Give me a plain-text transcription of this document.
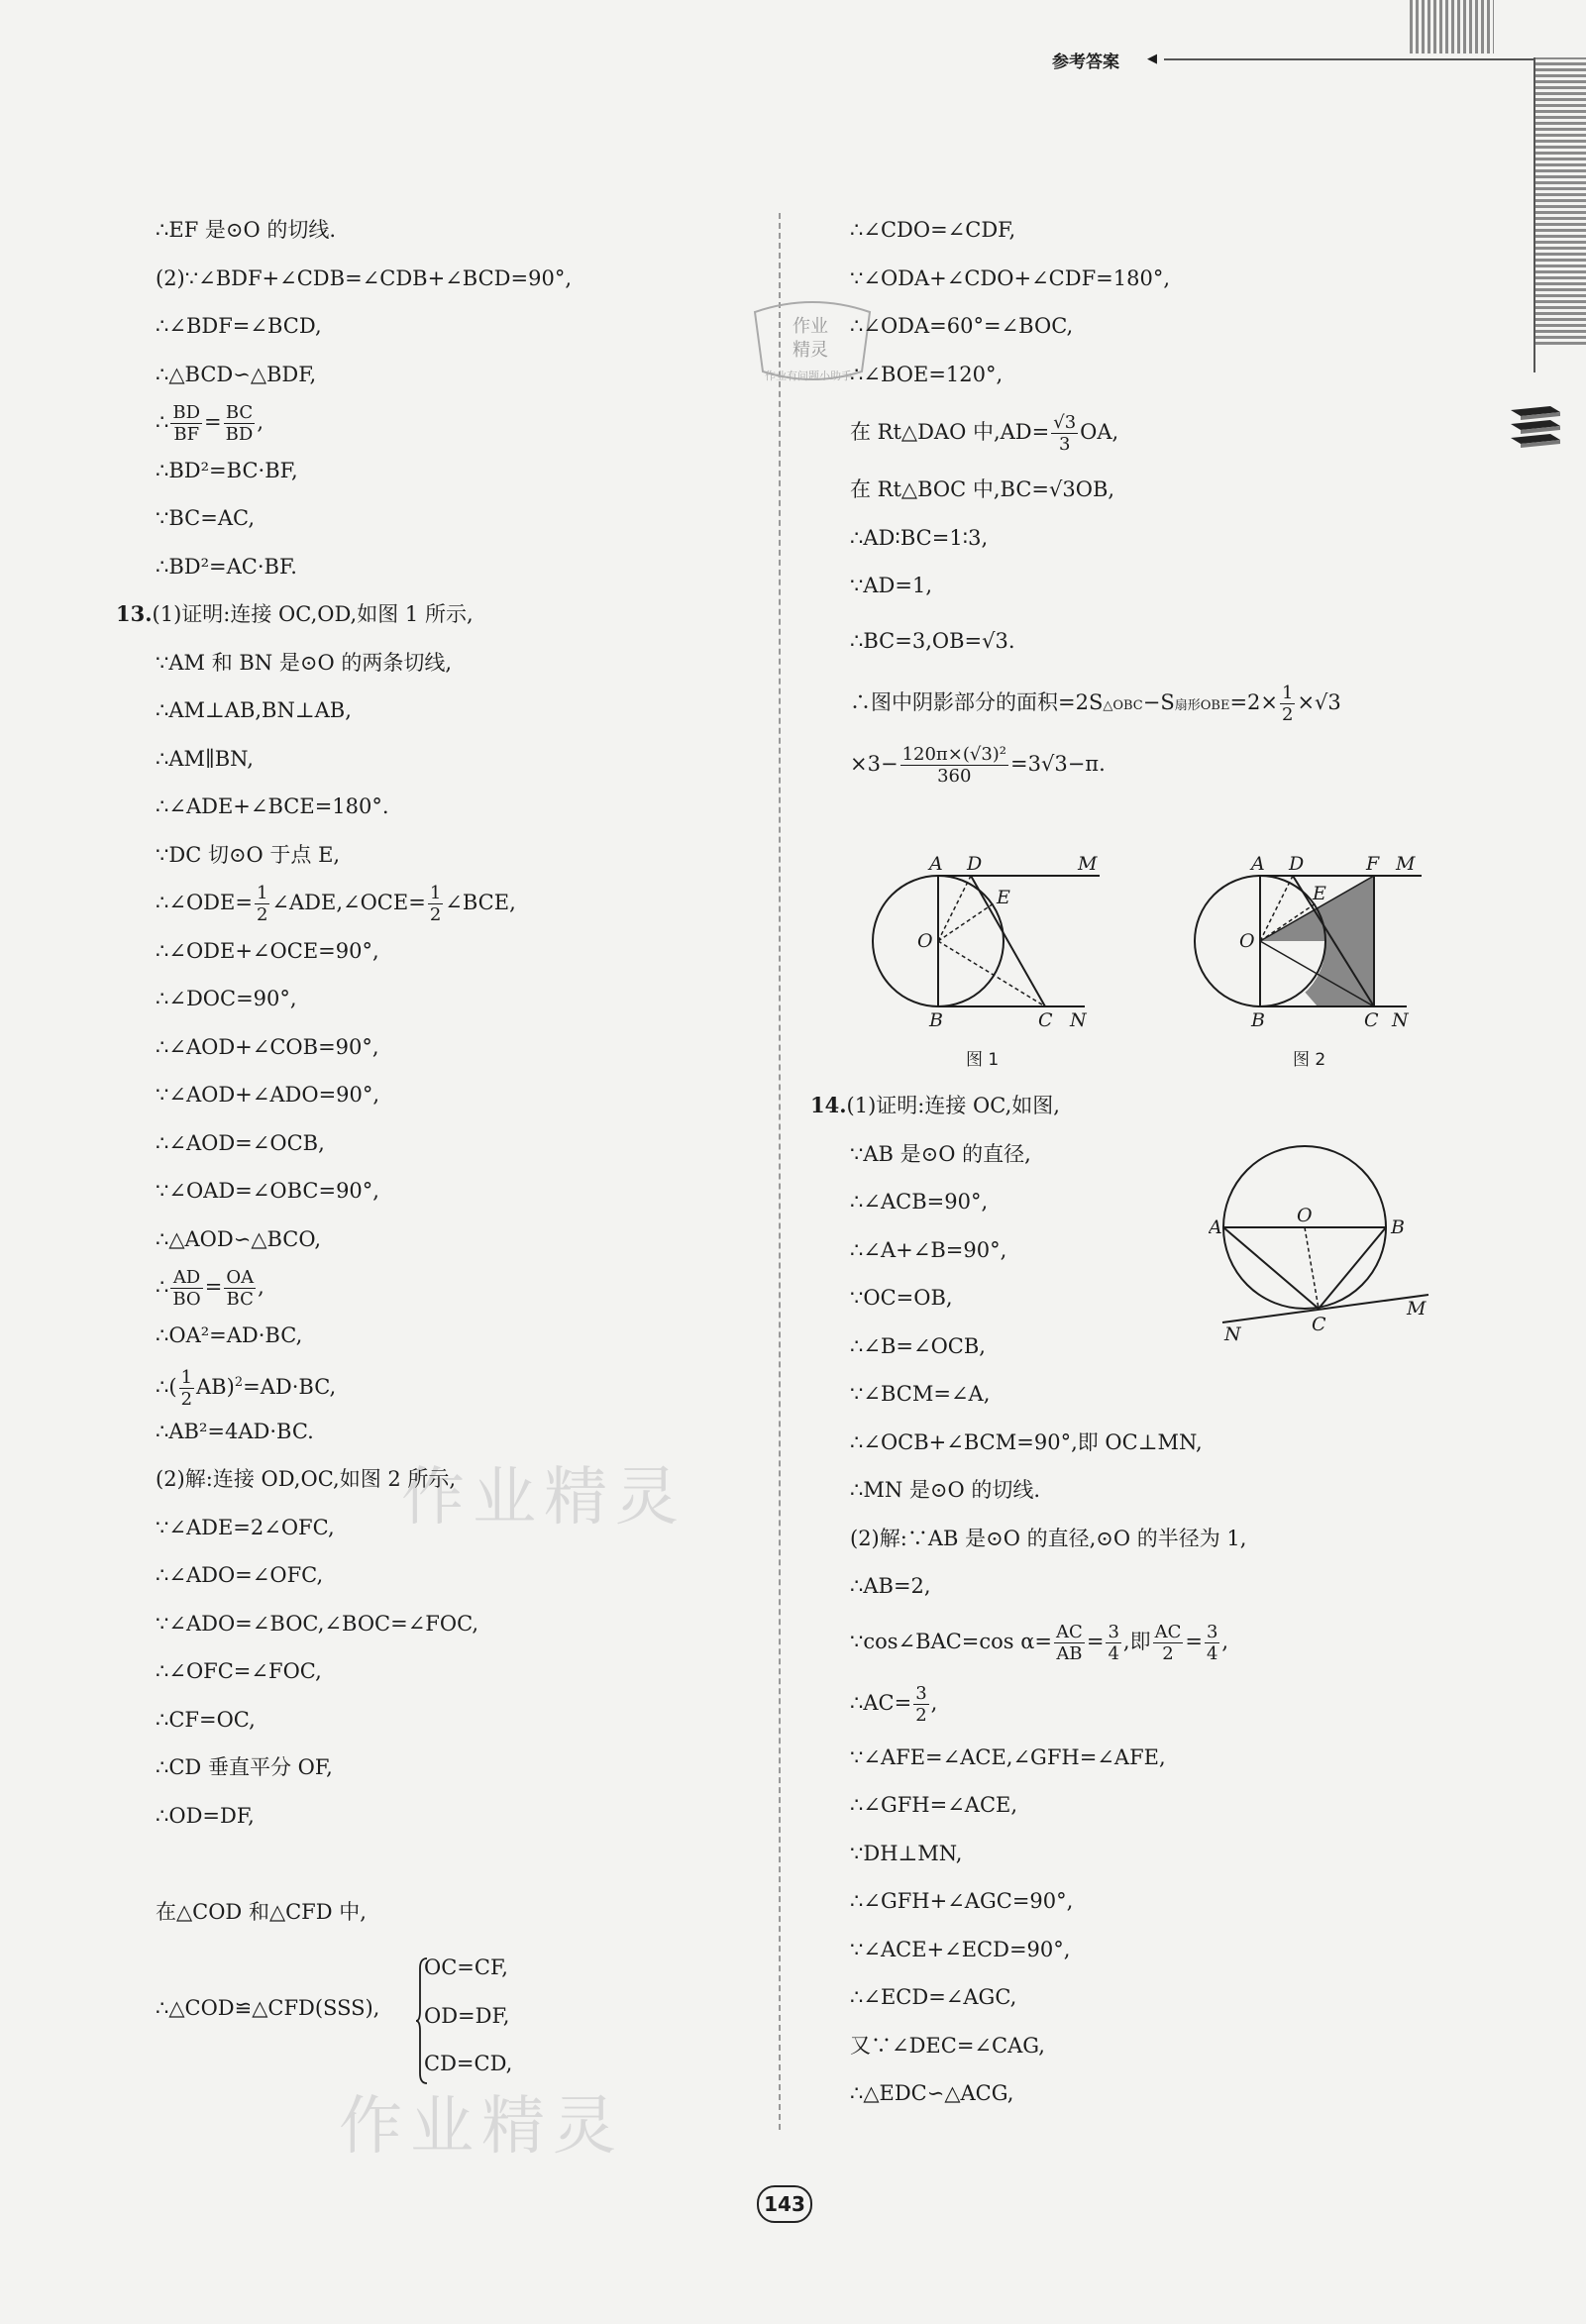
参考答案 ◀
作业
精灵
作业有问题小助手
作业精灵
作业精灵
∴EF 是⊙O 的切线.
(2)∵∠BDF+∠CDB=∠CDB+∠BCD=90°,
∴∠BDF=∠BCD,
∴△BCD∽△BDF,
∴ $\frac{BD}{BF} = \frac{BC}{BD}$ ,
∴BD²=BC·BF,
∵BC=AC,
∴BD²=AC·BF.
13.(1)证明:连接 OC,OD,如图 1 所示,
∵AM 和 BN 是⊙O 的两条切线,
∴AM⊥AB,BN⊥AB,
∴AM∥BN,
∴∠ADE+∠BCE=180°.
∵DC 切⊙O 于点 E,
∴∠ODE= $\frac{1}{2}$ ∠ADE,∠OCE= $\frac{1}{2}$ ∠BCE,
∴∠ODE+∠OCE=90°,
∴∠DOC=90°,
∴∠AOD+∠COB=90°,
∵∠AOD+∠ADO=90°,
∴∠AOD=∠OCB,
∵∠OAD=∠OBC=90°,
∴△AOD∽△BCO,
∴ $\frac{AD}{BO} = \frac{OA}{BC}$ ,
∴OA²=AD·BC,
∴( $\frac{1}{2} AB)^2=AD\cdot BC$,
∴AB²=4AD·BC.
(2)解:连接 OD,OC,如图 2 所示,
∵∠ADE=2∠OFC,
∴∠ADO=∠OFC,
∵∠ADO=∠BOC,∠BOC=∠FOC,
∴∠OFC=∠FOC,
∴CF=OC,
∴CD 垂直平分 OF,
∴OD=DF,
在△COD 和△CFD 中,
∴△COD≌△CFD(SSS),
OC=CF,
OD=DF,
CD=CD,
∴∠CDO=∠CDF,
∵∠ODA+∠CDO+∠CDF=180°,
∴∠ODA=60°=∠BOC,
∴∠BOE=120°,
在 Rt△DAO 中$,AD= \frac{√3}{3}$ OA,
在 Rt△BOC 中,BC=√3OB,
∴AD∶BC=1∶3,
∵AD=1,
∴BC=3,OB=√3.
∴图中阴影部分的面积=2S△OBC−S扇形$OBE=2\times \frac{1}{2} \times√3$
$\times 3- \frac{\text{120π×(√3)²}}{360} =3√3-\pi$.
A D	M
E
O
B	C N
图 1
A D	F M
E
O
B	C N
图 2
14.(1)证明:连接 OC,如图,
∵AB 是⊙O 的直径,
∴∠ACB=90°,
∴∠A+∠B=90°,
∵OC=OB,
∴∠B=∠OCB,
∵∠BCM=∠A,
∴∠OCB+∠BCM=90°,即 OC⊥MN,
∴MN 是⊙O 的切线.
(2)解:∵AB 是⊙O 的直径,⊙O 的半径为 1,
∴AB=2,
∵cos∠BAC=cos $\alpha= \frac{AC}{AB} = \frac{3}{4}$ ,即 $\frac{AC}{2} = \frac{3}{4}$ ,
∴AC= $\frac{3}{2}$ ,
∵∠AFE=∠ACE,∠GFH=∠AFE,
∴∠GFH=∠ACE,
∵DH⊥MN,
∴∠GFH+∠AGC=90°,
∵∠ACE+∠ECD=90°,
∴∠ECD=∠AGC,
又∵∠DEC=∠CAG,
∴△EDC∽△ACG,
O
A	B
C
N
M
143
